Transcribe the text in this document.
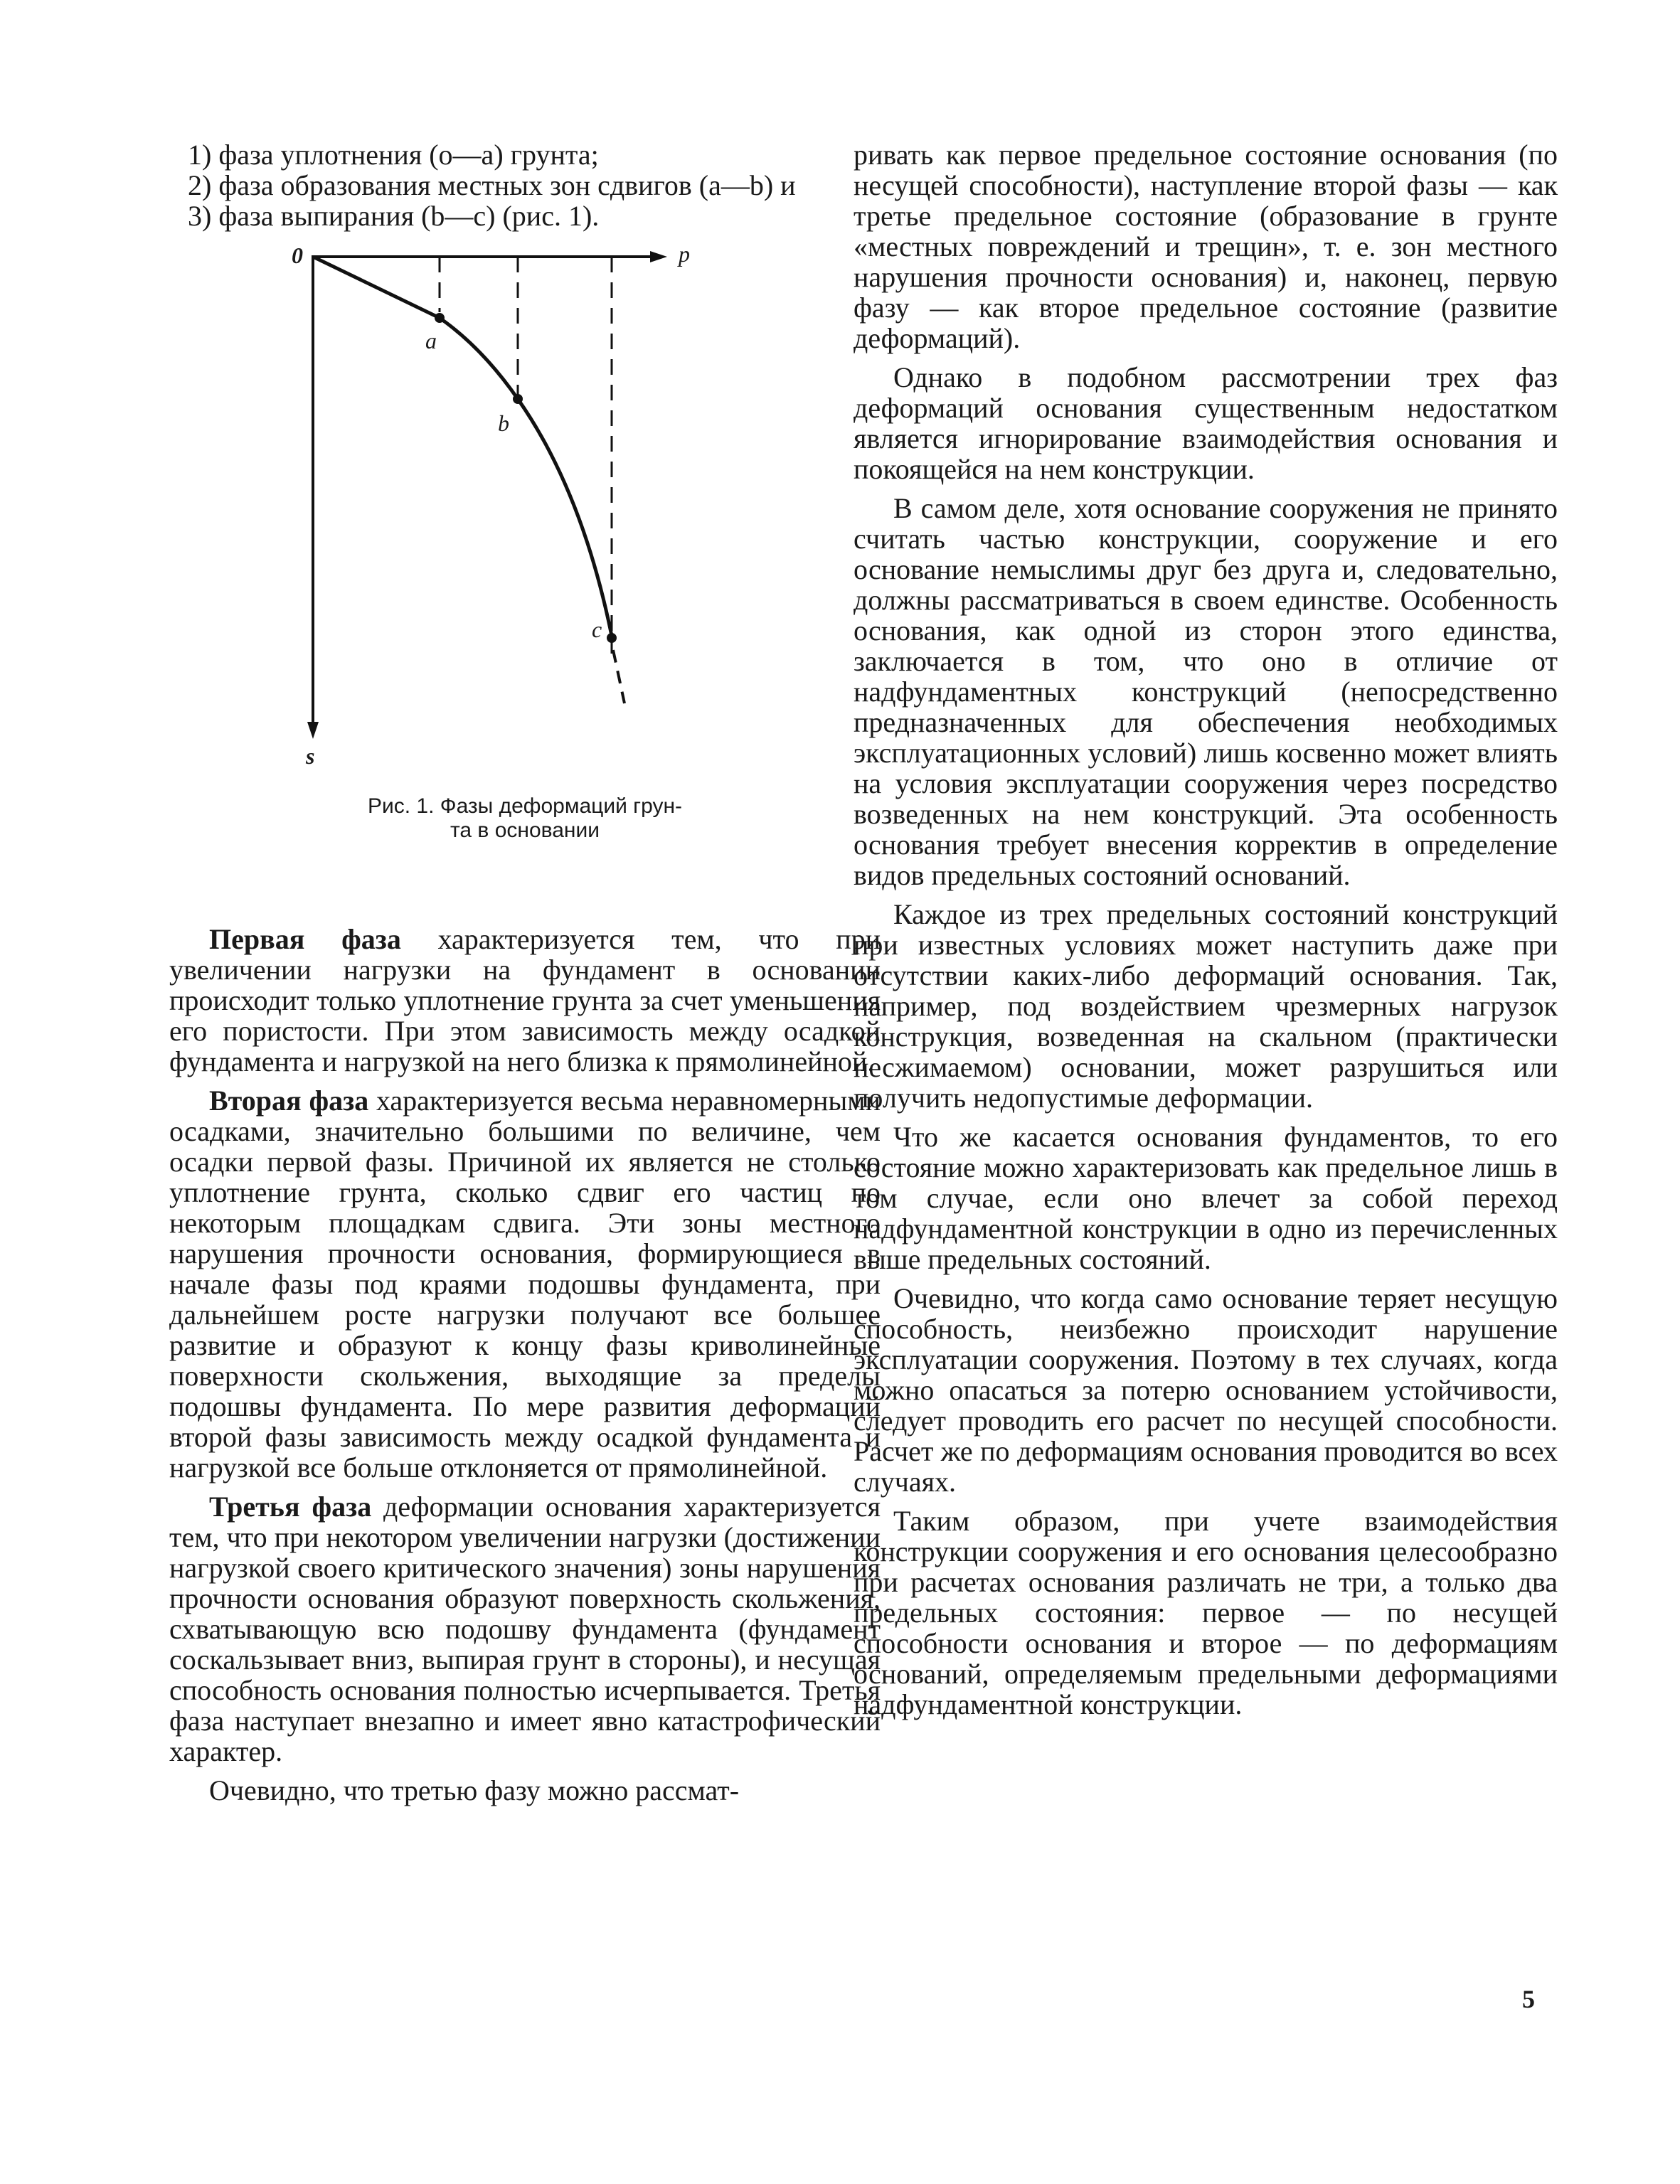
1) фаза уплотнения (о—a) грунта;

2) фаза образования местных зон сдвигов (a—b) и

3) фаза выпирания (b—c) (рис. 1).

0	p
s
a
b
c

Рис. 1. Фазы деформаций грун-
та в основании

Первая фаза характеризуется тем, что при увеличении нагрузки на фундамент в основании происходит только уплотнение грунта за счет уменьшения его пористости. При этом зависимость между осадкой фундамента и нагрузкой на него близка к прямолинейной.

Вторая фаза характеризуется весьма неравномерными осадками, значительно большими по величине, чем осадки первой фазы. Причиной их является не столько уплотнение грунта, сколько сдвиг его частиц по некоторым площадкам сдвига. Эти зоны местного нарушения прочности основания, формирующиеся в начале фазы под краями подошвы фундамента, при дальнейшем росте нагрузки получают все большее развитие и образуют к концу фазы криволинейные поверхности скольжения, выходящие за пределы подошвы фундамента. По мере развития деформаций второй фазы зависимость между осадкой фундамента и нагрузкой все больше отклоняется от прямолинейной.

Третья фаза деформации основания характеризуется тем, что при некотором увеличении нагрузки (достижении нагрузкой своего критического значения) зоны нарушения прочности основания образуют поверхность скольжения, схватывающую всю подошву фундамента (фундамент соскальзывает вниз, выпирая грунт в стороны), и несущая способность основания полностью исчерпывается. Третья фаза наступает внезапно и имеет явно катастрофический характер.

Очевидно, что третью фазу можно рассмат-

ривать как первое предельное состояние основания (по несущей способности), наступление второй фазы — как третье предельное состояние (образование в грунте «местных повреждений и трещин», т. е. зон местного нарушения прочности основания) и, наконец, первую фазу — как второе предельное состояние (развитие деформаций).

Однако в подобном рассмотрении трех фаз деформаций основания существенным недостатком является игнорирование взаимодействия основания и покоящейся на нем конструкции.

В самом деле, хотя основание сооружения не принято считать частью конструкции, сооружение и его основание немыслимы друг без друга и, следовательно, должны рассматриваться в своем единстве. Особенность основания, как одной из сторон этого единства, заключается в том, что оно в отличие от надфундаментных конструкций (непосредственно предназначенных для обеспечения необходимых эксплуатационных условий) лишь косвенно может влиять на условия эксплуатации сооружения через посредство возведенных на нем конструкций. Эта особенность основания требует внесения корректив в определение видов предельных состояний оснований.

Каждое из трех предельных состояний конструкций при известных условиях может наступить даже при отсутствии каких-либо деформаций основания. Так, например, под воздействием чрезмерных нагрузок конструкция, возведенная на скальном (практически несжимаемом) основании, может разрушиться или получить недопустимые деформации.

Что же касается основания фундаментов, то его состояние можно характеризовать как предельное лишь в том случае, если оно влечет за собой переход надфундаментной конструкции в одно из перечисленных выше предельных состояний.

Очевидно, что когда само основание теряет несущую способность, неизбежно происходит нарушение эксплуатации сооружения. Поэтому в тех случаях, когда можно опасаться за потерю основанием устойчивости, следует проводить его расчет по несущей способности. Расчет же по деформациям основания проводится во всех случаях.

Таким образом, при учете взаимодействия конструкции сооружения и его основания целесообразно при расчетах основания различать не три, а только два предельных состояния: первое — по несущей способности основания и второе — по деформациям оснований, определяемым предельными деформациями надфундаментной конструкции.

5
